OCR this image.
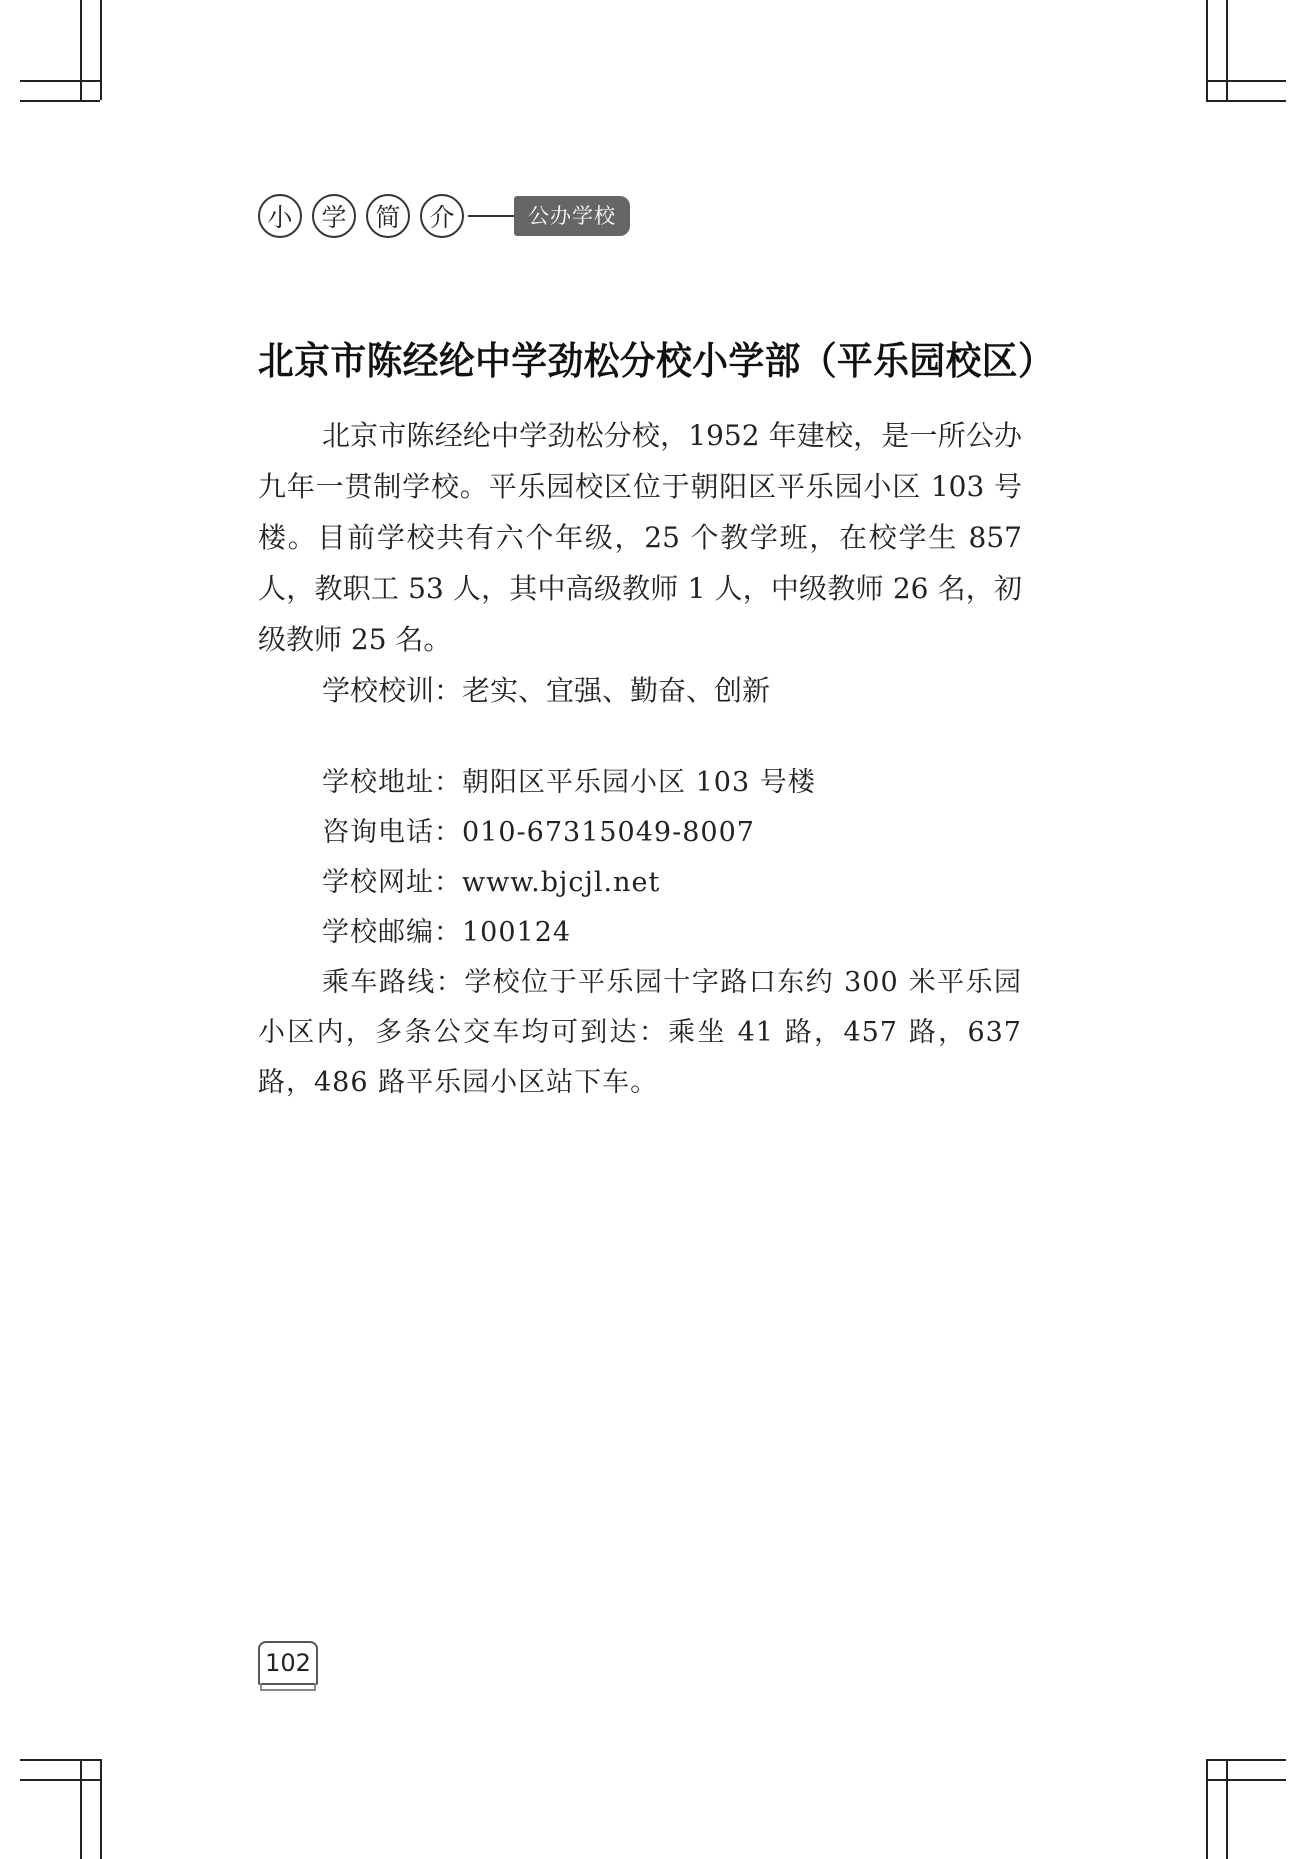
小	学	简	介	公办学校
北京市陈经纶中学劲松分校小学部（平乐园校区）

北京市陈经纶中学劲松分校，1952 年建校，是一所公办九年一贯制学校。平乐园校区位于朝阳区平乐园小区 103 号楼。目前学校共有六个年级，25 个教学班，在校学生 857 人，教职工 53 人，其中高级教师 1 人，中级教师 26 名，初级教师 25 名。

学校校训：老实、宜强、勤奋、创新

学校地址：朝阳区平乐园小区 103 号楼
咨询电话：010-67315049-8007
学校网址：www.bjcjl.net
学校邮编：100124
乘车路线：学校位于平乐园十字路口东约 300 米平乐园小区内，多条公交车均可到达：乘坐 41 路，457 路，637 路，486 路平乐园小区站下车。
102
